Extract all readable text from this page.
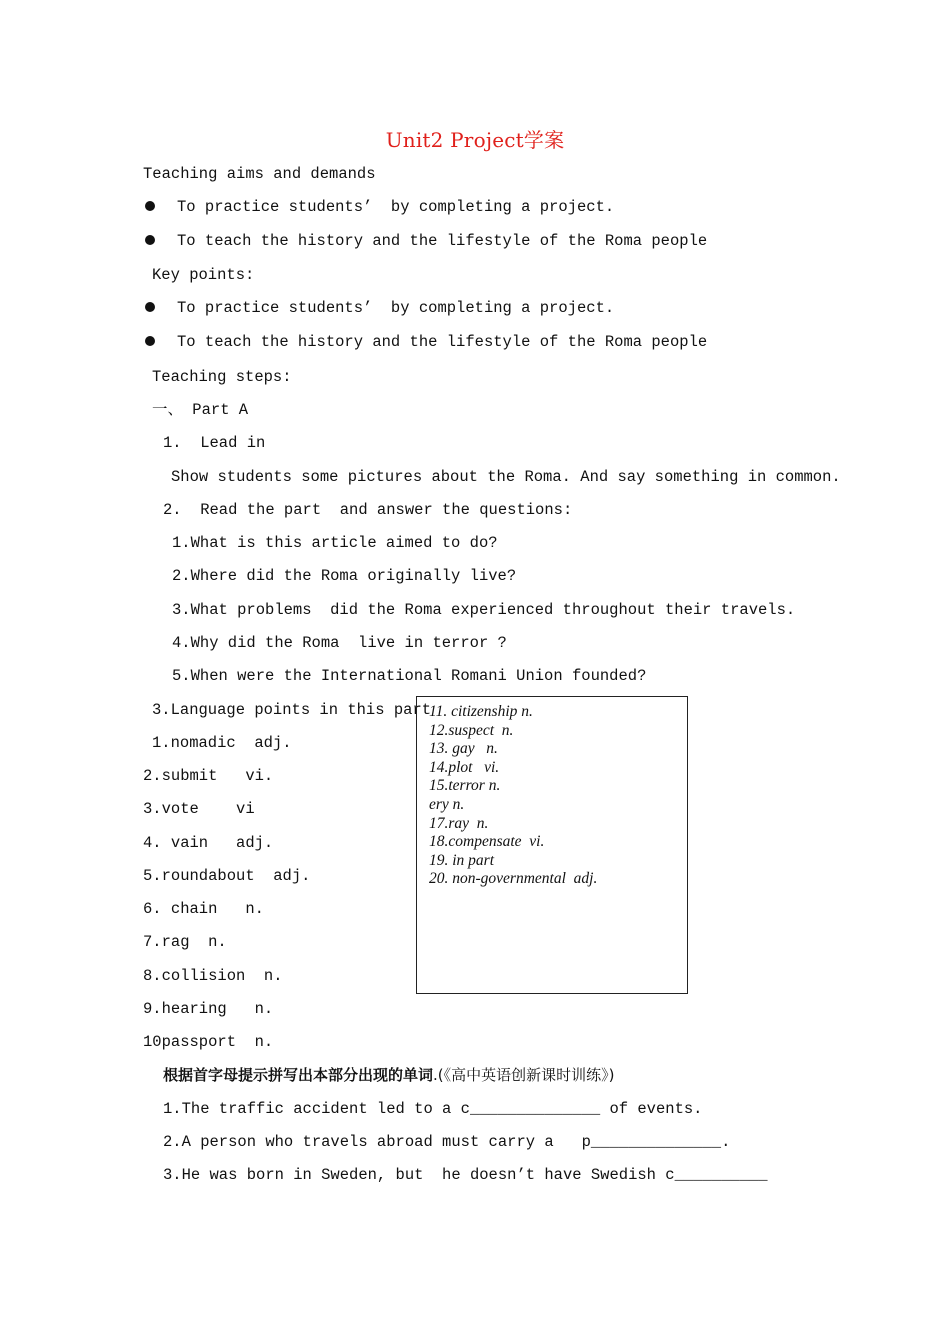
Unit2 Project学案
Teaching aims and demands
To practice students’  by completing a project.
To teach the history and the lifestyle of the Roma people
Key points:
To practice students’  by completing a project.
To teach the history and the lifestyle of the Roma people
Teaching steps:
一、 Part A
1.  Lead in
Show students some pictures about the Roma. And say something in common.
2.  Read the part  and answer the questions:
1.What is this article aimed to do?
2.Where did the Roma originally live?
3.What problems  did the Roma experienced throughout their travels.
4.Why did the Roma  live in terror ?
5.When were the International Romani Union founded?
3.Language points in this part
1.nomadic  adj.
2.submit   vi.
3.vote    vi
4. vain   adj.
5.roundabout  adj.
6. chain   n.
7.rag  n.
8.collision  n.
9.hearing   n.
10passport  n.
11. citizenship n.
12.suspect  n.
13. gay   n.
14.plot   vi.
15.terror n.
ery n.
17.ray  n.
18.compensate  vi.
19. in part
20. non-governmental  adj.
根据首字母提示拼写出本部分出现的单词.(《高中英语创新课时训练》)
1.The traffic accident led to a c______________ of events.
2.A person who travels abroad must carry a   p______________.
3.He was born in Sweden, but  he doesn’t have Swedish c__________
